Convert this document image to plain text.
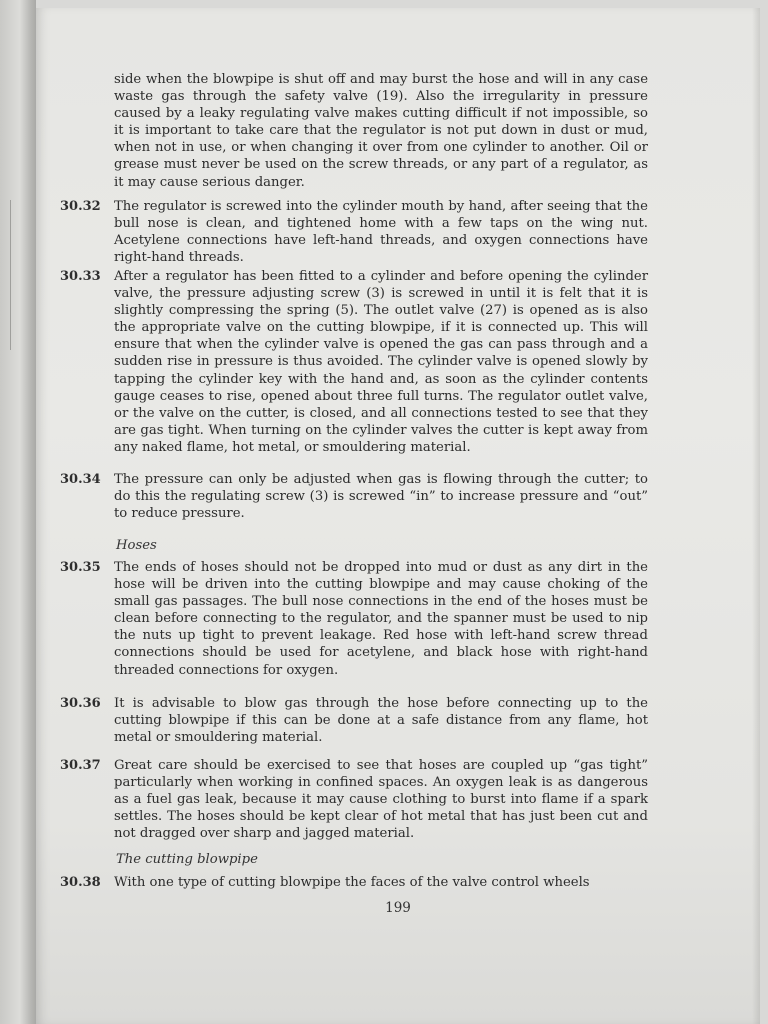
side when the blowpipe is shut off and may burst the hose and will in any case waste gas through the safety valve (19). Also the irregularity in pressure caused by a leaky regulating valve makes cutting difficult if not impossible, so it is important to take care that the regulator is not put down in dust or mud, when not in use, or when changing it over from one cylinder to another. Oil or grease must never be used on the screw threads, or any part of a regulator, as it may cause serious danger.

30.32 The regulator is screwed into the cylinder mouth by hand, after seeing that the bull nose is clean, and tightened home with a few taps on the wing nut. Acetylene connections have left-hand threads, and oxygen connections have right-hand threads.

30.33 After a regulator has been fitted to a cylinder and before opening the cylinder valve, the pressure adjusting screw (3) is screwed in until it is felt that it is slightly compressing the spring (5). The outlet valve (27) is opened as is also the appropriate valve on the cutting blowpipe, if it is connected up. This will ensure that when the cylinder valve is opened the gas can pass through and a sudden rise in pressure is thus avoided. The cylinder valve is opened slowly by tapping the cylinder key with the hand and, as soon as the cylinder contents gauge ceases to rise, opened about three full turns. The regulator outlet valve, or the valve on the cutter, is closed, and all connections tested to see that they are gas tight. When turning on the cylinder valves the cutter is kept away from any naked flame, hot metal, or smouldering material.

30.34 The pressure can only be adjusted when gas is flowing through the cutter; to do this the regulating screw (3) is screwed “in” to increase pressure and “out” to reduce pressure.

Hoses

30.35 The ends of hoses should not be dropped into mud or dust as any dirt in the hose will be driven into the cutting blowpipe and may cause choking of the small gas passages. The bull nose connections in the end of the hoses must be clean before connecting to the regulator, and the spanner must be used to nip the nuts up tight to prevent leakage. Red hose with left-hand screw thread connections should be used for acetylene, and black hose with right-hand threaded connections for oxygen.

30.36 It is advisable to blow gas through the hose before connecting up to the cutting blowpipe if this can be done at a safe distance from any flame, hot metal or smouldering material.

30.37 Great care should be exercised to see that hoses are coupled up “gas tight” particularly when working in confined spaces. An oxygen leak is as dangerous as a fuel gas leak, because it may cause clothing to burst into flame if a spark settles. The hoses should be kept clear of hot metal that has just been cut and not dragged over sharp and jagged material.

The cutting blowpipe

30.38 With one type of cutting blowpipe the faces of the valve control wheels

199
